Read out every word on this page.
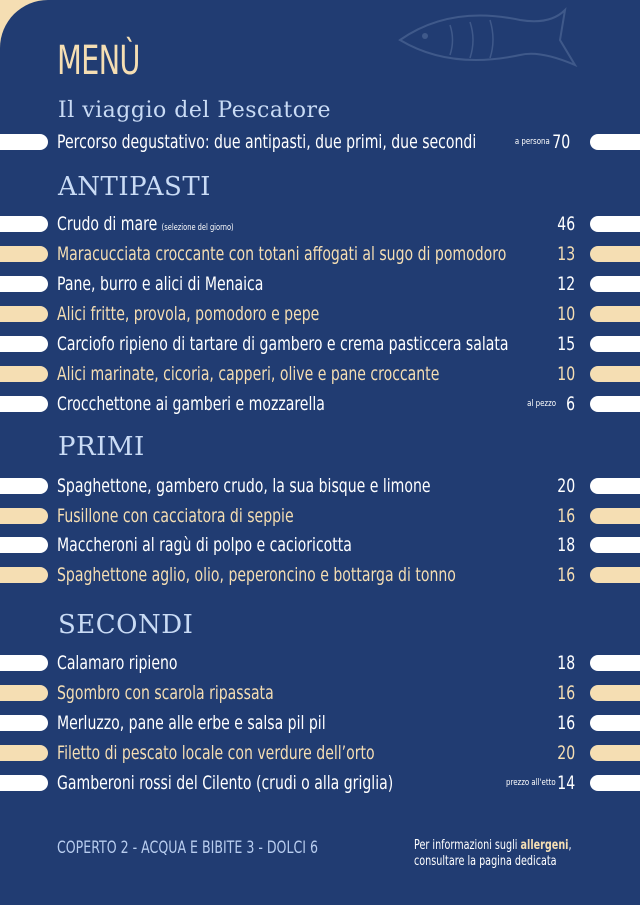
MENÙ
Il viaggio del Pescatore
Percorso degustativo: due antipasti, due primi, due secondi	a persona 70
ANTIPASTI
Crudo di mare (selezione del giorno)	46
Maracucciata croccante con totani affogati al sugo di pomodoro	13
Pane, burro e alici di Menaica	12
Alici fritte, provola, pomodoro e pepe	10
Carciofo ripieno di tartare di gambero e crema pasticcera salata	15
Alici marinate, cicoria, capperi, olive e pane croccante	10
Crocchettone ai gamberi e mozzarella	al pezzo 6
PRIMI
Spaghettone, gambero crudo, la sua bisque e limone	20
Fusillone con cacciatora di seppie	16
Maccheroni al ragù di polpo e cacioricotta	18
Spaghettone aglio, olio, peperoncino e bottarga di tonno	16
SECONDI
Calamaro ripieno	18
Sgombro con scarola ripassata	16
Merluzzo, pane alle erbe e salsa pil pil	16
Filetto di pescato locale con verdure dell’orto	20
Gamberoni rossi del Cilento (crudi o alla griglia)	prezzo all'etto 14
COPERTO 2 - ACQUA E BIBITE 3 - DOLCI 6	Per informazioni sugli allergeni,
consultare la pagina dedicata
